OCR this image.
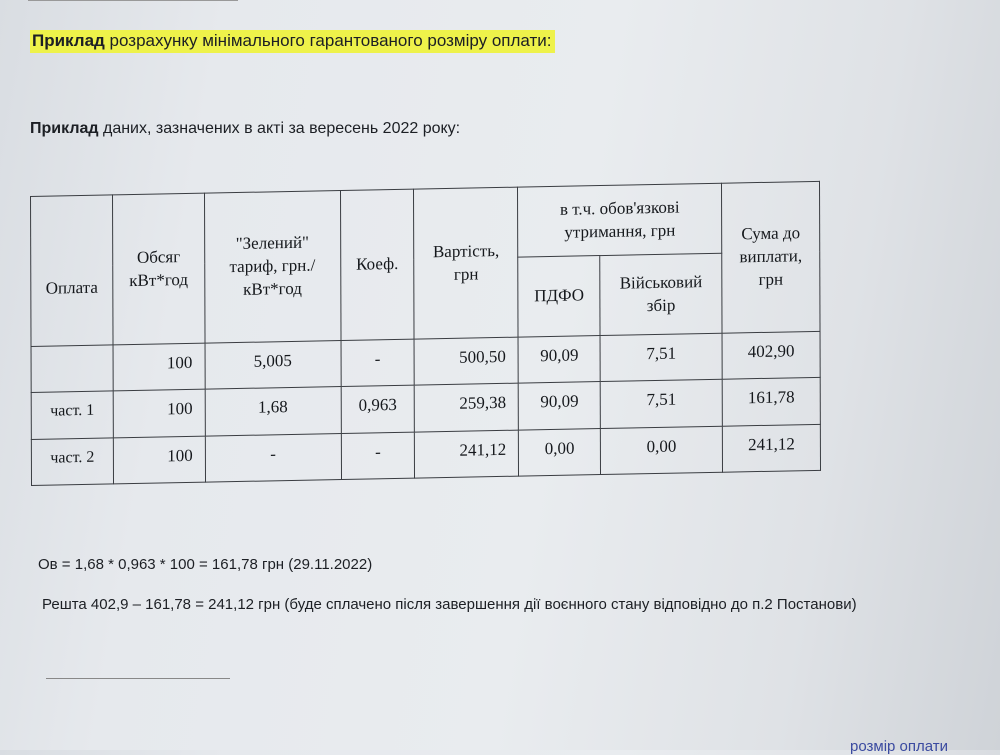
Приклад розрахунку мінімального гарантованого розміру оплати:
Приклад даних, зазначених в акті за вересень 2022 року:
Оплата	Обсяг кВт*год	"Зелений" тариф, грн./кВт*год	Коеф.	Вартість, грн	в т.ч. обов'язкові утримання, грн		Сума до виплати, грн
					ПДФО	Військовий збір	
	100	5,005	-	500,50	90,09	7,51	402,90
част. 1	100	1,68	0,963	259,38	90,09	7,51	161,78
част. 2	100	-	-	241,12	0,00	0,00	241,12
Ов = 1,68 * 0,963 * 100 = 161,78 грн (29.11.2022)
Решта 402,9 – 161,78 = 241,12 грн (буде сплачено після завершення дії воєнного стану відповідно до п.2 Постанови)
розмір оплати
